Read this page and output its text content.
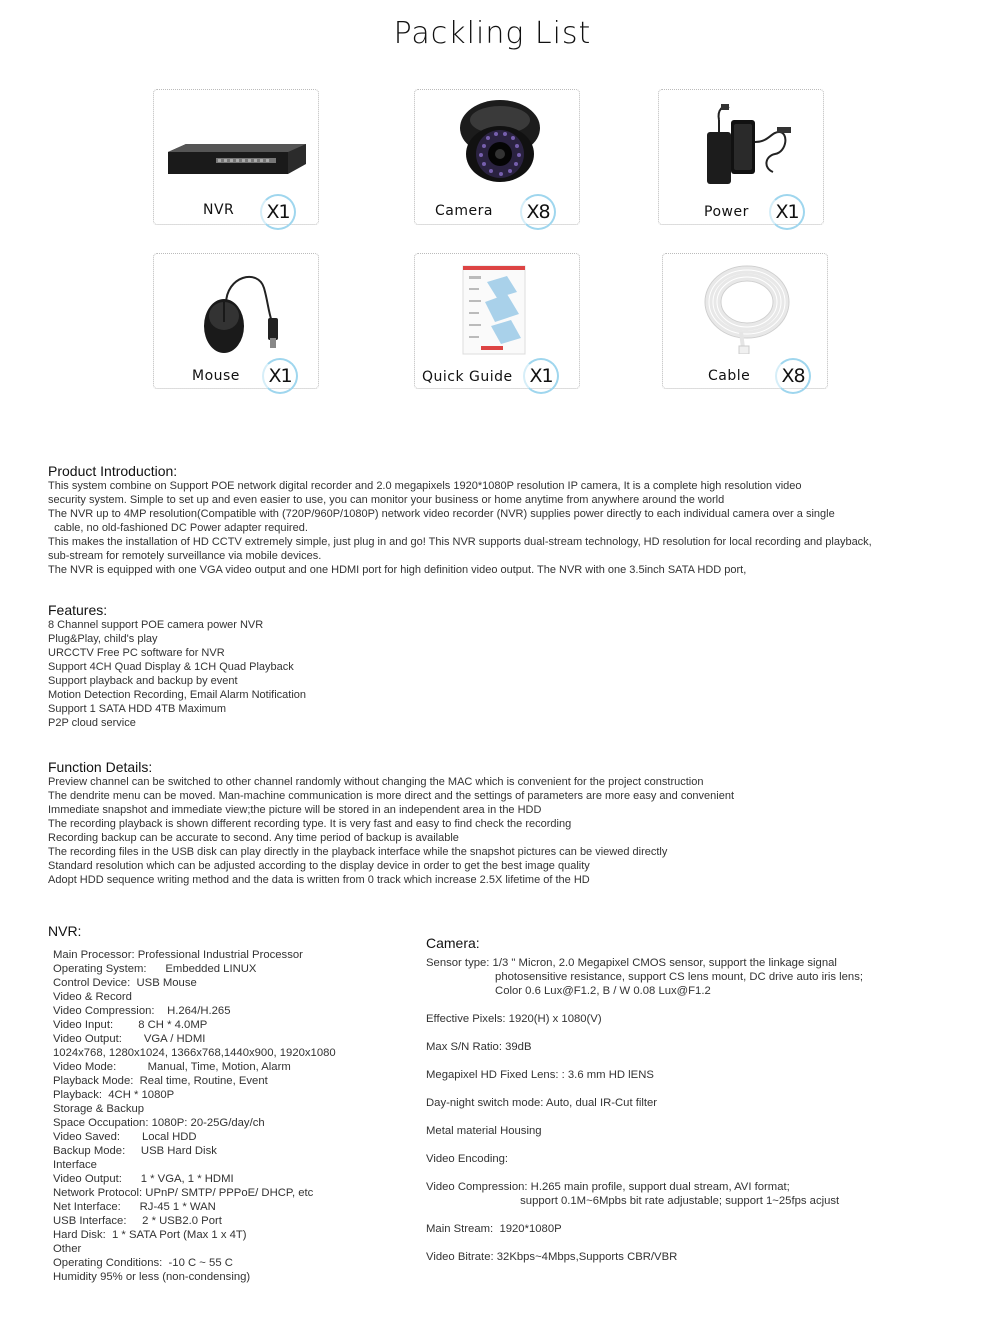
Packling List
NVR	X1	Camera	X8	Power	X1
Mouse	X1	Quick Guide X1	Cable	X8
Product Introduction:
This system combine on Support POE network digital recorder and 2.0 megapixels 1920*1080P resolution IP camera, It is a complete high resolution video
security system. Simple to set up and even easier to use, you can monitor your business or home anytime from anywhere around the world
The NVR up to 4MP resolution(Compatible with (720P/960P/1080P) network video recorder (NVR) supplies power directly to each individual camera over a single
cable, no old-fashioned DC Power adapter required.
This makes the installation of HD CCTV extremely simple, just plug in and go! This NVR supports dual-stream technology, HD resolution for local recording and playback,
sub-stream for remotely surveillance via mobile devices.
The NVR is equipped with one VGA video output and one HDMI port for high definition video output. The NVR with one 3.5inch SATA HDD port,
Features:
8 Channel support POE camera power NVR
Plug&Play, child's play
URCCTV Free PC software for NVR
Support 4CH Quad Display & 1CH Quad Playback
Support playback and backup by event
Motion Detection Recording, Email Alarm Notification
Support 1 SATA HDD 4TB Maximum
P2P cloud service
Function Details:
Preview channel can be switched to other channel randomly without changing the MAC which is convenient for the project construction
The dendrite menu can be moved. Man-machine communication is more direct and the settings of parameters are more easy and convenient
Immediate snapshot and immediate view;the picture will be stored in an independent area in the HDD
The recording playback is shown different recording type. It is very fast and easy to find check the recording
Recording backup can be accurate to second. Any time period of backup is available
The recording files in the USB disk can play directly in the playback interface while the snapshot pictures can be viewed directly
Standard resolution which can be adjusted according to the display device in order to get the best image quality
Adopt HDD sequence writing method and the data is written from 0 track which increase 2.5X lifetime of the HD
NVR:
Main Processor: Professional Industrial Processor
Operating System:      Embedded LINUX
Control Device:  USB Mouse
Video & Record
Video Compression:    H.264/H.265
Video Input:        8 CH * 4.0MP
Video Output:       VGA / HDMI
1024x768, 1280x1024, 1366x768,1440x900, 1920x1080
Video Mode:          Manual, Time, Motion, Alarm
Playback Mode:  Real time, Routine, Event
Playback:  4CH * 1080P
Storage & Backup
Space Occupation: 1080P: 20-25G/day/ch
Video Saved:       Local HDD
Backup Mode:     USB Hard Disk
Interface
Video Output:      1 * VGA, 1 * HDMI
Network Protocol: UPnP/ SMTP/ PPPoE/ DHCP, etc
Net Interface:      RJ-45 1 * WAN
USB Interface:     2 * USB2.0 Port
Hard Disk:  1 * SATA Port (Max 1 x 4T)
Other
Operating Conditions:  -10 C ~ 55 C
Humidity 95% or less (non-condensing)
Camera:
Sensor type: 1/3 " Micron, 2.0 Megapixel CMOS sensor, support the linkage signal
photosensitive resistance, support CS lens mount, DC drive auto iris lens;
Color 0.6 Lux@F1.2, B / W 0.08 Lux@F1.2
Effective Pixels: 1920(H) x 1080(V)
Max S/N Ratio: 39dB
Megapixel HD Fixed Lens: : 3.6 mm HD lENS
Day-night switch mode: Auto, dual IR-Cut filter
Metal material Housing
Video Encoding:
Video Compression: H.265 main profile, support dual stream, AVI format;
support 0.1M~6Mpbs bit rate adjustable; support 1~25fps acjust
Main Stream:  1920*1080P
Video Bitrate: 32Kbps~4Mbps,Supports CBR/VBR
